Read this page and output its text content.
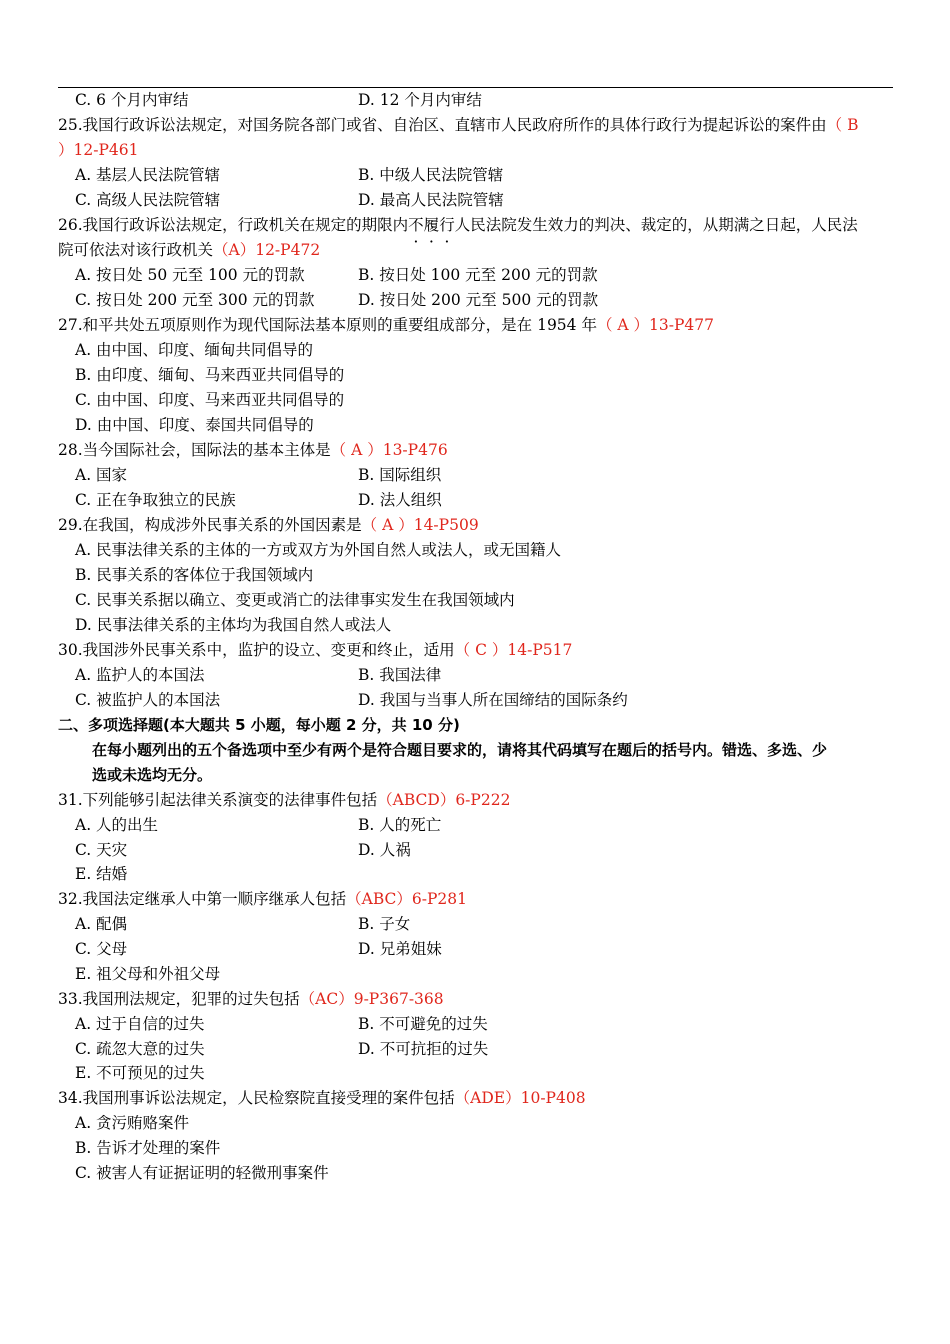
C. 6 个月内审结	D. 12 个月内审结
25.我国行政诉讼法规定，对国务院各部门或省、自治区、直辖市人民政府所作的具体行政行为提起诉讼的案件由（ B
）12-P461
A. 基层人民法院管辖	B. 中级人民法院管辖
C. 高级人民法院管辖	D. 最高人民法院管辖
26.我国行政诉讼法规定，行政机关在规定的期限内不履行人民法院发生效力的判决、裁定的，从期满之日起，人民法
院可依法对该行政机关（A）12-P472
A. 按日处 50 元至 100 元的罚款	B. 按日处 100 元至 200 元的罚款
C. 按日处 200 元至 300 元的罚款	D. 按日处 200 元至 500 元的罚款
27.和平共处五项原则作为现代国际法基本原则的重要组成部分，是在 1954 年（ A ）13-P477
A. 由中国、印度、缅甸共同倡导的
B. 由印度、缅甸、马来西亚共同倡导的
C. 由中国、印度、马来西亚共同倡导的
D. 由中国、印度、泰国共同倡导的
28.当今国际社会，国际法的基本主体是（ A ）13-P476
A. 国家	B. 国际组织
C. 正在争取独立的民族	D. 法人组织
29.在我国，构成涉外民事关系的外国因素是（ A ）14-P509
A. 民事法律关系的主体的一方或双方为外国自然人或法人，或无国籍人
B. 民事关系的客体位于我国领域内
C. 民事关系据以确立、变更或消亡的法律事实发生在我国领域内
D. 民事法律关系的主体均为我国自然人或法人
30.我国涉外民事关系中，监护的设立、变更和终止，适用（ C ）14-P517
A. 监护人的本国法	B. 我国法律
C. 被监护人的本国法	D. 我国与当事人所在国缔结的国际条约
二、多项选择题(本大题共 5 小题，每小题 2 分，共 10 分)
在每小题列出的五个备选项中至少有两个是符合题目要求的，请将其代码填写在题后的括号内。错选、多选、少
选或未选均无分。
31.下列能够引起法律关系演变的法律事件包括（ABCD）6-P222
A. 人的出生	B. 人的死亡
C. 天灾	D. 人祸
E. 结婚
32.我国法定继承人中第一顺序继承人包括（ABC）6-P281
A. 配偶	B. 子女
C. 父母	D. 兄弟姐妹
E. 祖父母和外祖父母
33.我国刑法规定，犯罪的过失包括（AC）9-P367-368
A. 过于自信的过失	B. 不可避免的过失
C. 疏忽大意的过失	D. 不可抗拒的过失
E. 不可预见的过失
34.我国刑事诉讼法规定，人民检察院直接受理的案件包括（ADE）10-P408
A. 贪污贿赂案件
B. 告诉才处理的案件
C. 被害人有证据证明的轻微刑事案件
